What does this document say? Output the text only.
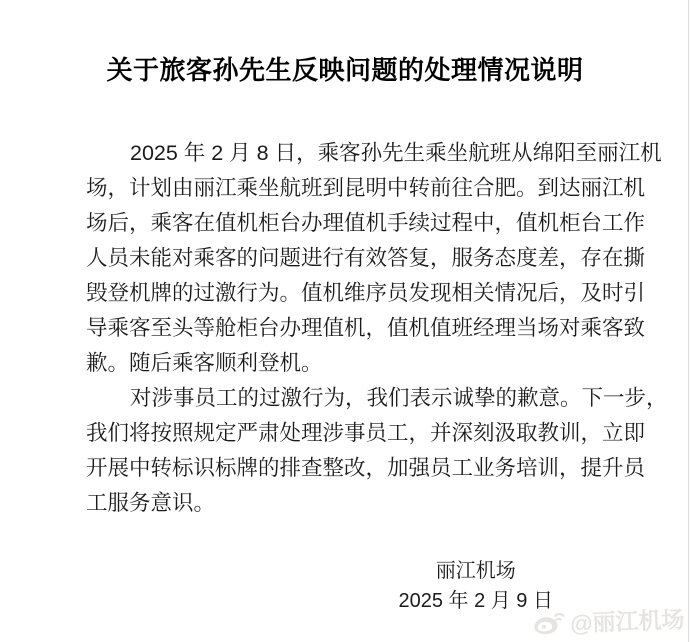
关于旅客孙先生反映问题的处理情况说明
2025 年 2 月 8 日，乘客孙先生乘坐航班从绵阳至丽江机
场，计划由丽江乘坐航班到昆明中转前往合肥。到达丽江机
场后，乘客在值机柜台办理值机手续过程中，值机柜台工作
人员未能对乘客的问题进行有效答复，服务态度差，存在撕
毁登机牌的过激行为。值机维序员发现相关情况后，及时引
导乘客至头等舱柜台办理值机，值机值班经理当场对乘客致
歉。随后乘客顺利登机。
对涉事员工的过激行为，我们表示诚挚的歉意。下一步，
我们将按照规定严肃处理涉事员工，并深刻汲取教训，立即
开展中转标识标牌的排查整改，加强员工业务培训，提升员
工服务意识。
丽江机场
2025 年 2 月 9 日
@丽江机场
